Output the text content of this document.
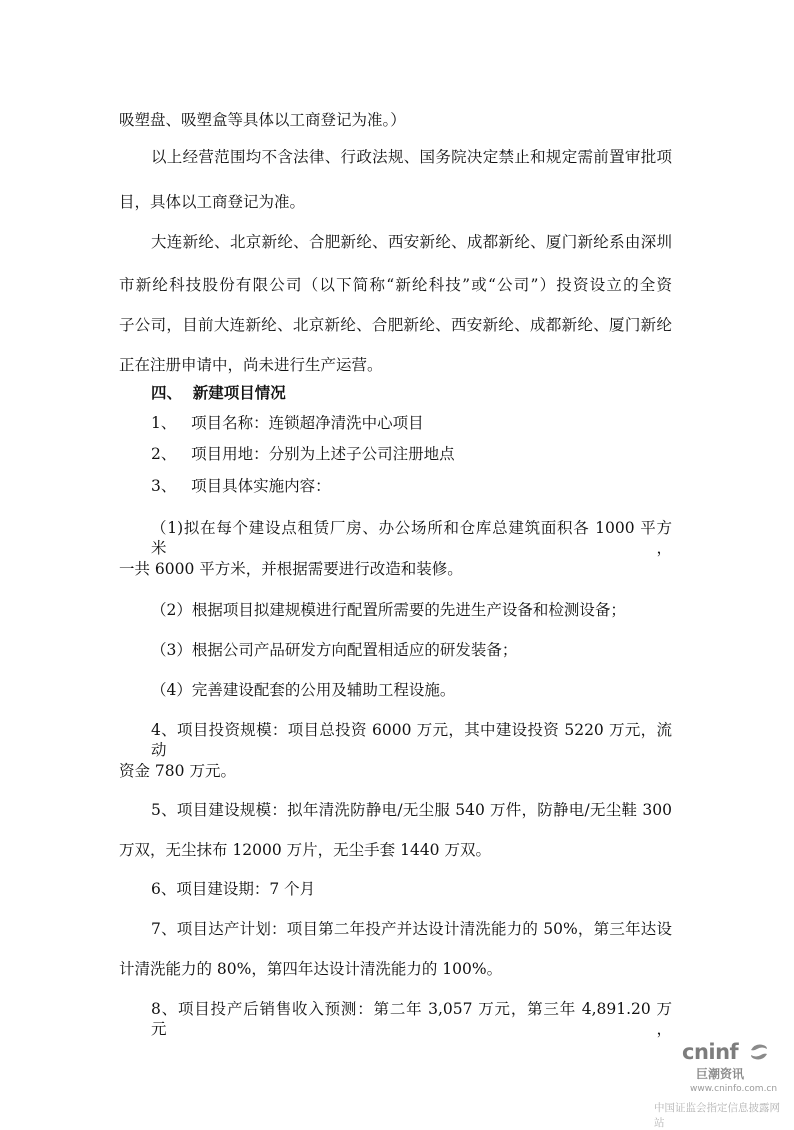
吸塑盘、吸塑盒等具体以工商登记为准。）
以上经营范围均不含法律、行政法规、国务院决定禁止和规定需前置审批项
目，具体以工商登记为准。
大连新纶、北京新纶、合肥新纶、西安新纶、成都新纶、厦门新纶系由深圳
市新纶科技股份有限公司（以下简称“新纶科技”或“公司”）投资设立的全资
子公司，目前大连新纶、北京新纶、合肥新纶、西安新纶、成都新纶、厦门新纶
正在注册申请中，尚未进行生产运营。
四、  新建项目情况
1、   项目名称：连锁超净清洗中心项目
2、   项目用地：分别为上述子公司注册地点
3、   项目具体实施内容：
（1)拟在每个建设点租赁厂房、办公场所和仓库总建筑面积各 1000 平方米，
一共 6000 平方米，并根据需要进行改造和装修。
（2）根据项目拟建规模进行配置所需要的先进生产设备和检测设备；
（3）根据公司产品研发方向配置相适应的研发装备；
（4）完善建设配套的公用及辅助工程设施。
4、项目投资规模：项目总投资 6000 万元，其中建设投资 5220 万元，流动
资金 780 万元。
5、项目建设规模：拟年清洗防静电/无尘服 540 万件，防静电/无尘鞋 300
万双，无尘抹布 12000 万片，无尘手套 1440 万双。
6、项目建设期：7 个月
7、项目达产计划：项目第二年投产并达设计清洗能力的 50%，第三年达设
计清洗能力的 80%，第四年达设计清洗能力的 100%。
8、项目投产后销售收入预测：第二年 3,057 万元，第三年 4,891.20 万元，
cninf
巨潮资讯
www.cninfo.com.cn
中国证监会指定信息披露网站
